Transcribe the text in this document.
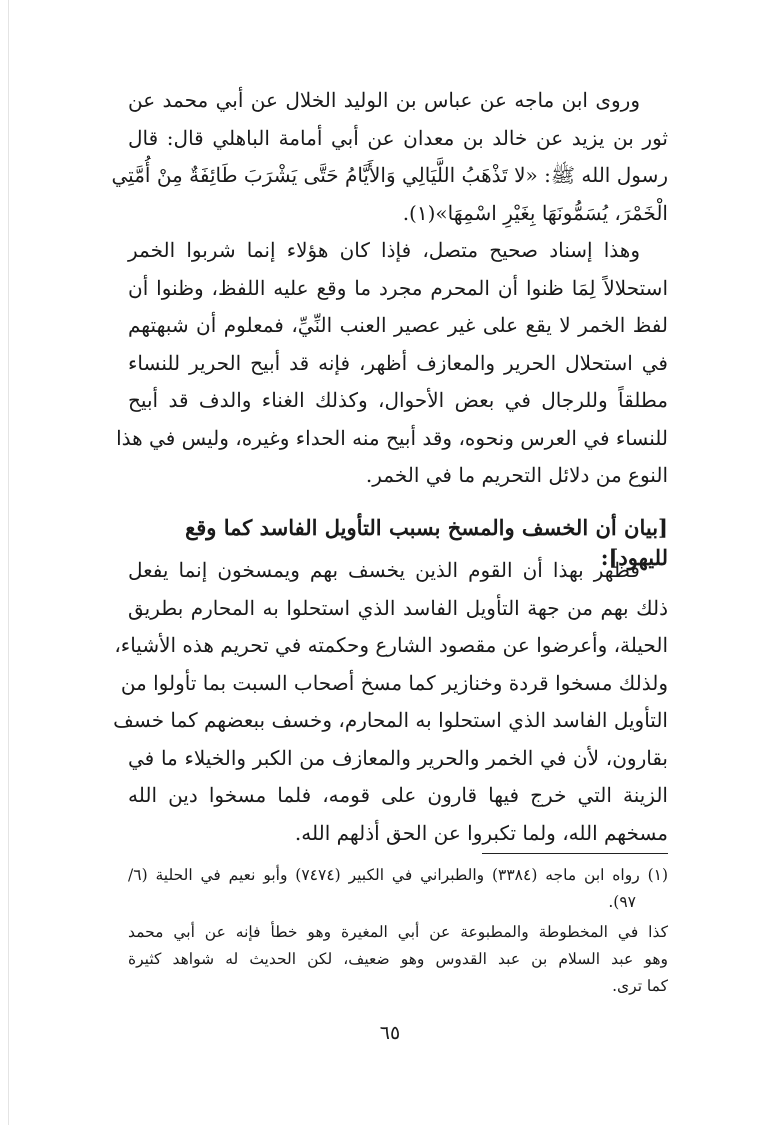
وروى ابن ماجه عن عباس بن الوليد الخلال عن أبي محمد عن
ثور بن يزيد عن خالد بن معدان عن أبي أمامة الباهلي قال: قال
رسول الله ﷺ: «لا تَذْهَبُ اللَّيَالِي وَالأَيَّامُ حَتَّى يَشْرَبَ طَائِفَةٌ مِنْ أُمَّتِي
الْخَمْرَ، يُسَمُّونَهَا بِغَيْرِ اسْمِهَا»(١).
وهذا إسناد صحيح متصل، فإذا كان هؤلاء إنما شربوا الخمر
استحلالاً لِمَا ظنوا أن المحرم مجرد ما وقع عليه اللفظ، وظنوا أن
لفظ الخمر لا يقع على غير عصير العنب النِّيِّ، فمعلوم أن شبهتهم
في استحلال الحرير والمعازف أظهر، فإنه قد أبيح الحرير للنساء
مطلقاً وللرجال في بعض الأحوال، وكذلك الغناء والدف قد أبيح
للنساء في العرس ونحوه، وقد أبيح منه الحداء وغيره، وليس في هذا
النوع من دلائل التحريم ما في الخمر.
[بيان أن الخسف والمسخ بسبب التأويل الفاسد كما وقع لليهود]:
فظهر بهذا أن القوم الذين يخسف بهم ويمسخون إنما يفعل
ذلك بهم من جهة التأويل الفاسد الذي استحلوا به المحارم بطريق
الحيلة، وأعرضوا عن مقصود الشارع وحكمته في تحريم هذه الأشياء،
ولذلك مسخوا قردة وخنازير كما مسخ أصحاب السبت بما تأولوا من
التأويل الفاسد الذي استحلوا به المحارم، وخسف ببعضهم كما خسف
بقارون، لأن في الخمر والحرير والمعازف من الكبر والخيلاء ما في
الزينة التي خرج فيها قارون على قومه، فلما مسخوا دين الله
مسخهم الله، ولما تكبروا عن الحق أذلهم الله.
(١) رواه ابن ماجه (٣٣٨٤) والطبراني في الكبير (٧٤٧٤) وأبو نعيم في الحلية (٦/
٩٧).
كذا في المخطوطة والمطبوعة عن أبي المغيرة وهو خطأ فإنه عن أبي محمد
وهو عبد السلام بن عبد القدوس وهو ضعيف، لكن الحديث له شواهد كثيرة
كما ترى.
٦٥
